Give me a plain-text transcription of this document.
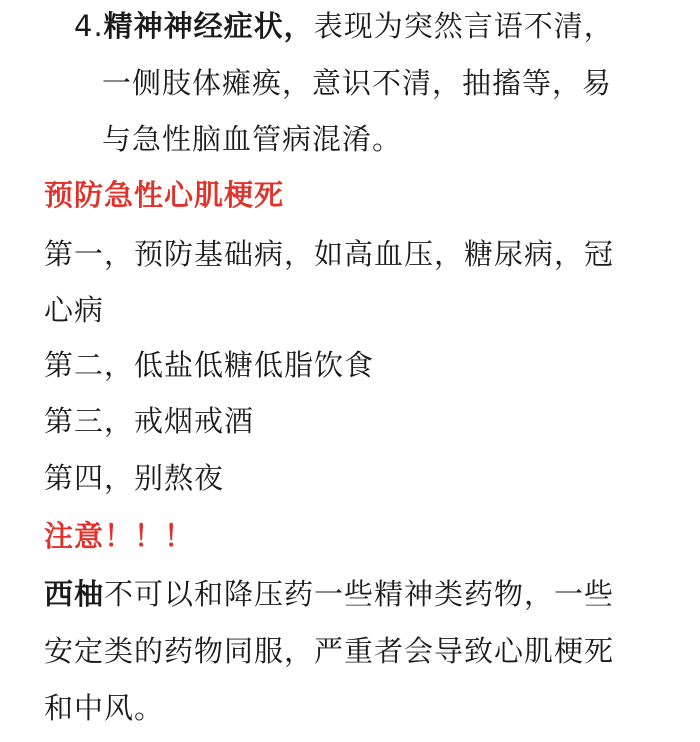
4.精神神经症状，表现为突然言语不清，
一侧肢体瘫痪，意识不清，抽搐等，易
与急性脑血管病混淆。
预防急性心肌梗死
第一，预防基础病，如高血压，糖尿病，冠
心病
第二，低盐低糖低脂饮食
第三，戒烟戒酒
第四，别熬夜
注意！！！
西柚不可以和降压药一些精神类药物，一些
安定类的药物同服，严重者会导致心肌梗死
和中风。
